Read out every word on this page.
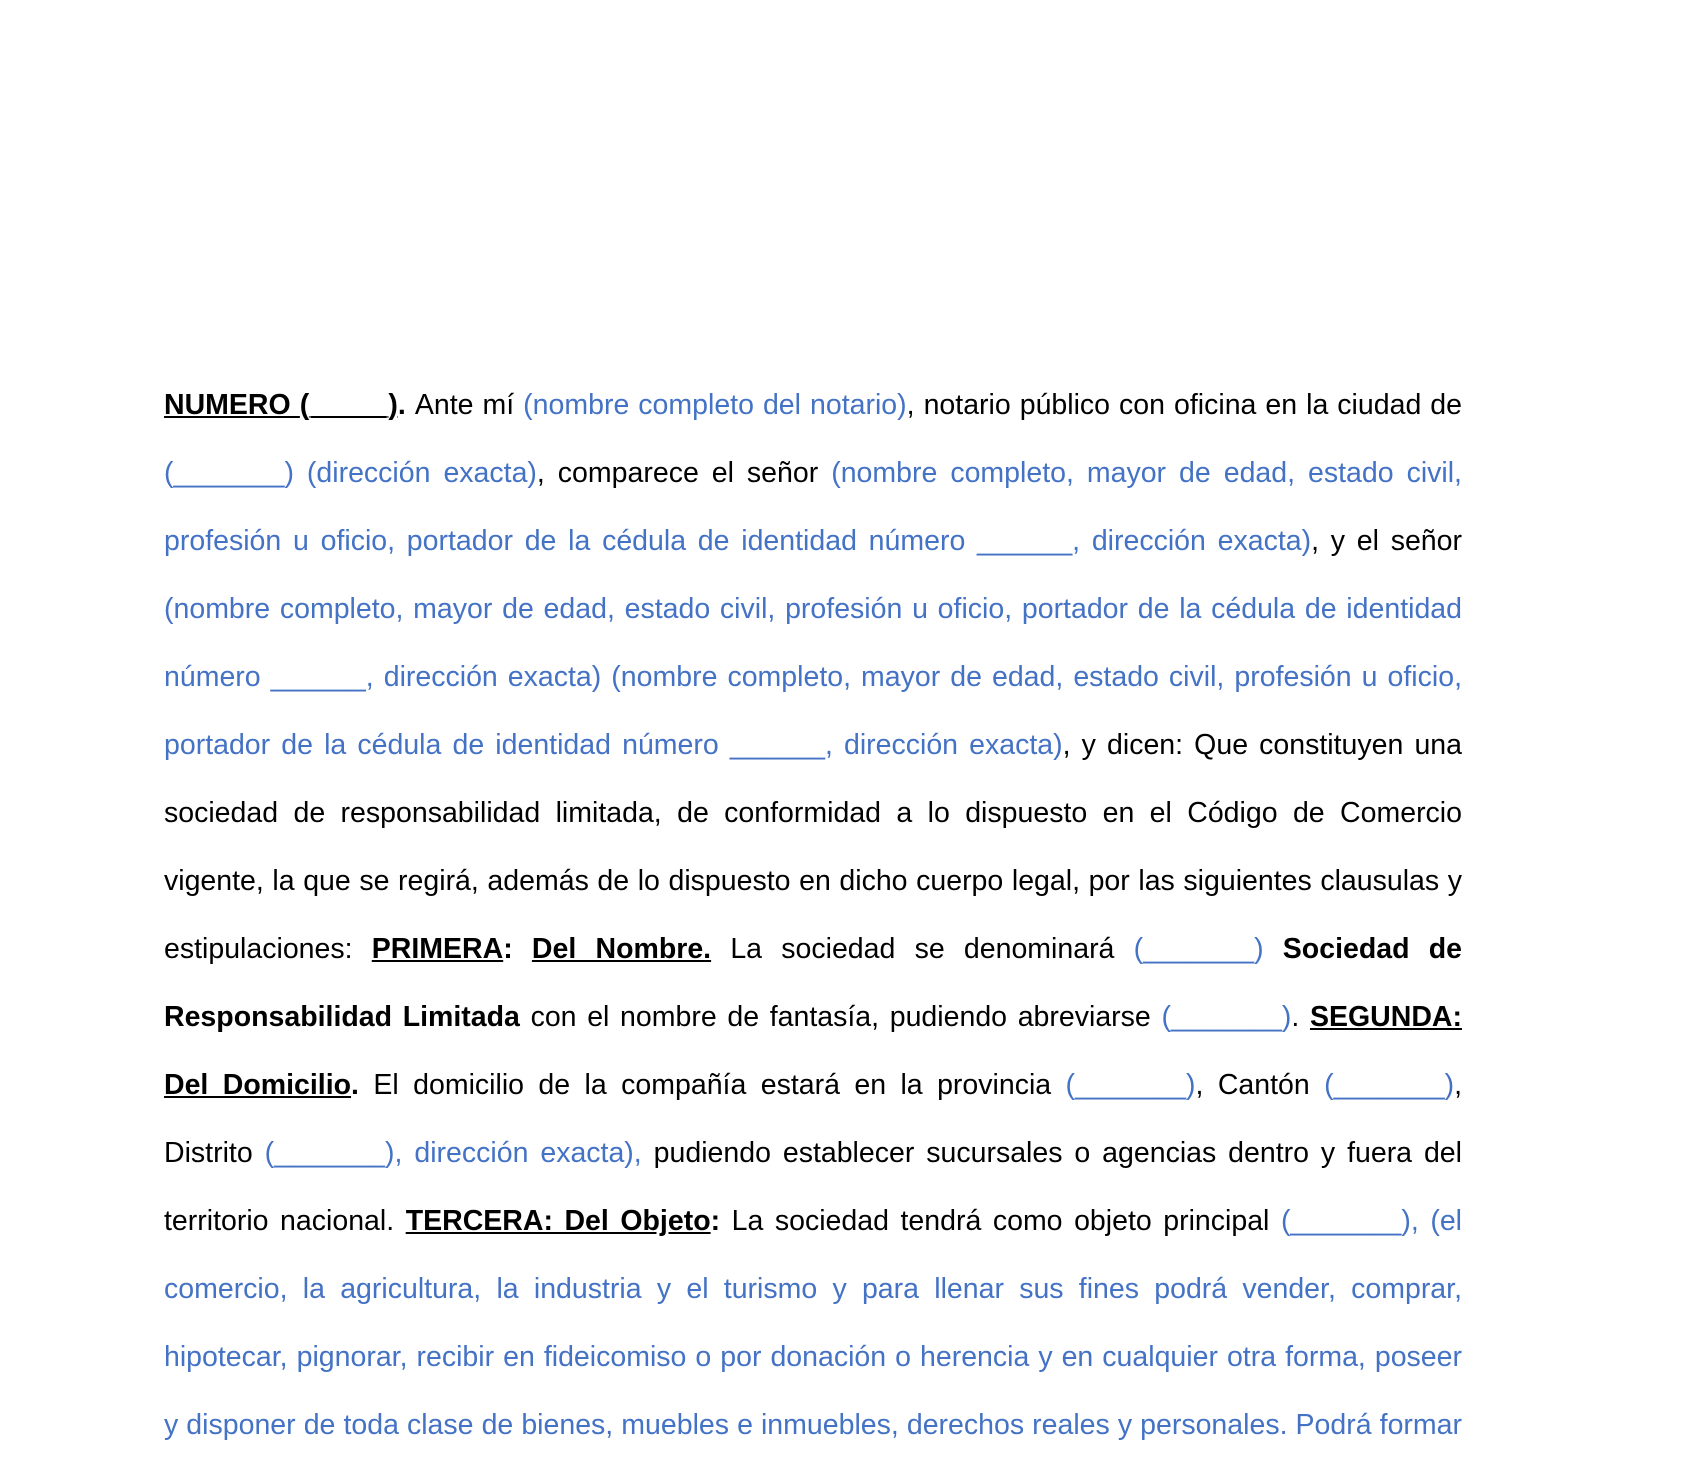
NUMERO (_____). Ante mí (nombre completo del notario), notario público con oficina en la ciudad de
(_______) (dirección exacta), comparece el señor (nombre completo, mayor de edad, estado civil,
profesión u oficio, portador de la cédula de identidad número ______, dirección exacta), y el señor
(nombre completo, mayor de edad, estado civil, profesión u oficio, portador de la cédula de identidad
número ______, dirección exacta) (nombre completo, mayor de edad, estado civil, profesión u oficio,
portador de la cédula de identidad número ______, dirección exacta), y dicen: Que constituyen una
sociedad de responsabilidad limitada, de conformidad a lo dispuesto en el Código de Comercio
vigente, la que se regirá, además de lo dispuesto en dicho cuerpo legal, por las siguientes clausulas y
estipulaciones: PRIMERA: Del Nombre. La sociedad se denominará (_______) Sociedad de
Responsabilidad Limitada con el nombre de fantasía, pudiendo abreviarse (_______). SEGUNDA:
Del Domicilio. El domicilio de la compañía estará en la provincia (_______), Cantón (_______),
Distrito (_______), dirección exacta), pudiendo establecer sucursales o agencias dentro y fuera del
territorio nacional. TERCERA: Del Objeto: La sociedad tendrá como objeto principal (_______), (el
comercio, la agricultura, la industria y el turismo y para llenar sus fines podrá vender, comprar,
hipotecar, pignorar, recibir en fideicomiso o por donación o herencia y en cualquier otra forma, poseer
y disponer de toda clase de bienes, muebles e inmuebles, derechos reales y personales. Podrá formar
